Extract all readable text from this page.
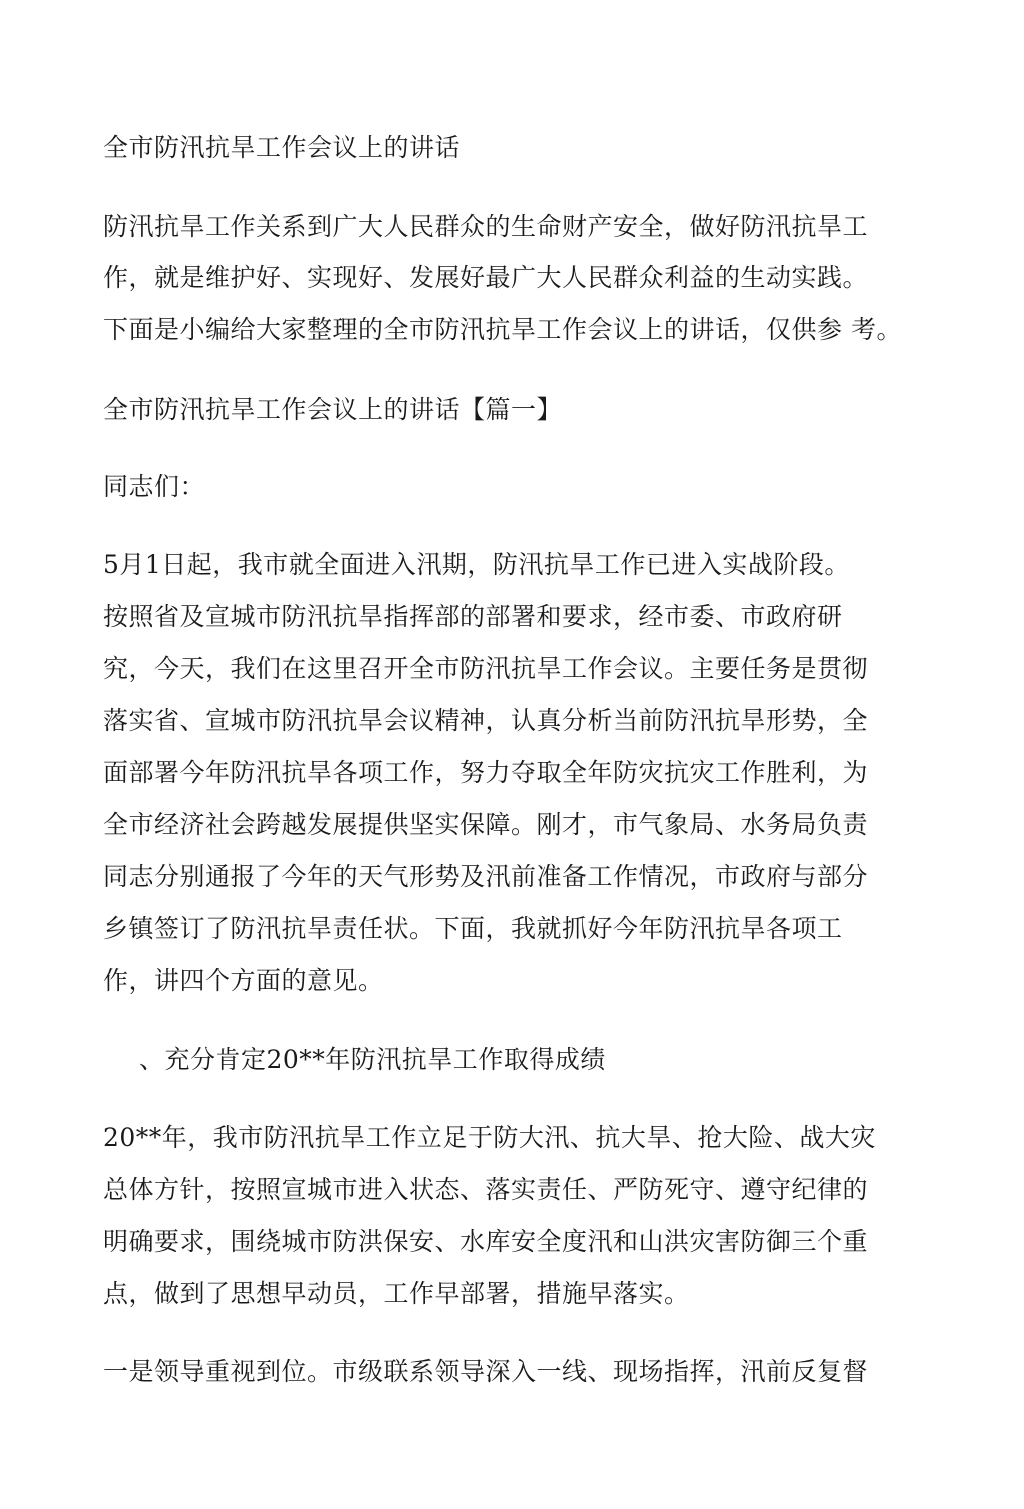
全市防汛抗旱工作会议上的讲话
防汛抗旱工作关系到广大人民群众的生命财产安全，做好防汛抗旱工
作，就是维护好、实现好、发展好最广大人民群众利益的生动实践。
下面是小编给大家整理的全市防汛抗旱工作会议上的讲话，仅供参 考。
全市防汛抗旱工作会议上的讲话【篇一】
同志们：
5月1日起，我市就全面进入汛期，防汛抗旱工作已进入实战阶段。
按照省及宣城市防汛抗旱指挥部的部署和要求，经市委、市政府研
究，今天，我们在这里召开全市防汛抗旱工作会议。主要任务是贯彻
落实省、宣城市防汛抗旱会议精神，认真分析当前防汛抗旱形势，全
面部署今年防汛抗旱各项工作，努力夺取全年防灾抗灾工作胜利，为
全市经济社会跨越发展提供坚实保障。刚才，市气象局、水务局负责
同志分别通报了今年的天气形势及汛前准备工作情况，市政府与部分
乡镇签订了防汛抗旱责任状。下面，我就抓好今年防汛抗旱各项工
作，讲四个方面的意见。
、充分肯定20**年防汛抗旱工作取得成绩
20**年，我市防汛抗旱工作立足于防大汛、抗大旱、抢大险、战大灾
总体方针，按照宣城市进入状态、落实责任、严防死守、遵守纪律的
明确要求，围绕城市防洪保安、水库安全度汛和山洪灾害防御三个重
点，做到了思想早动员，工作早部署，措施早落实。
一是领导重视到位。市级联系领导深入一线、现场指挥，汛前反复督
